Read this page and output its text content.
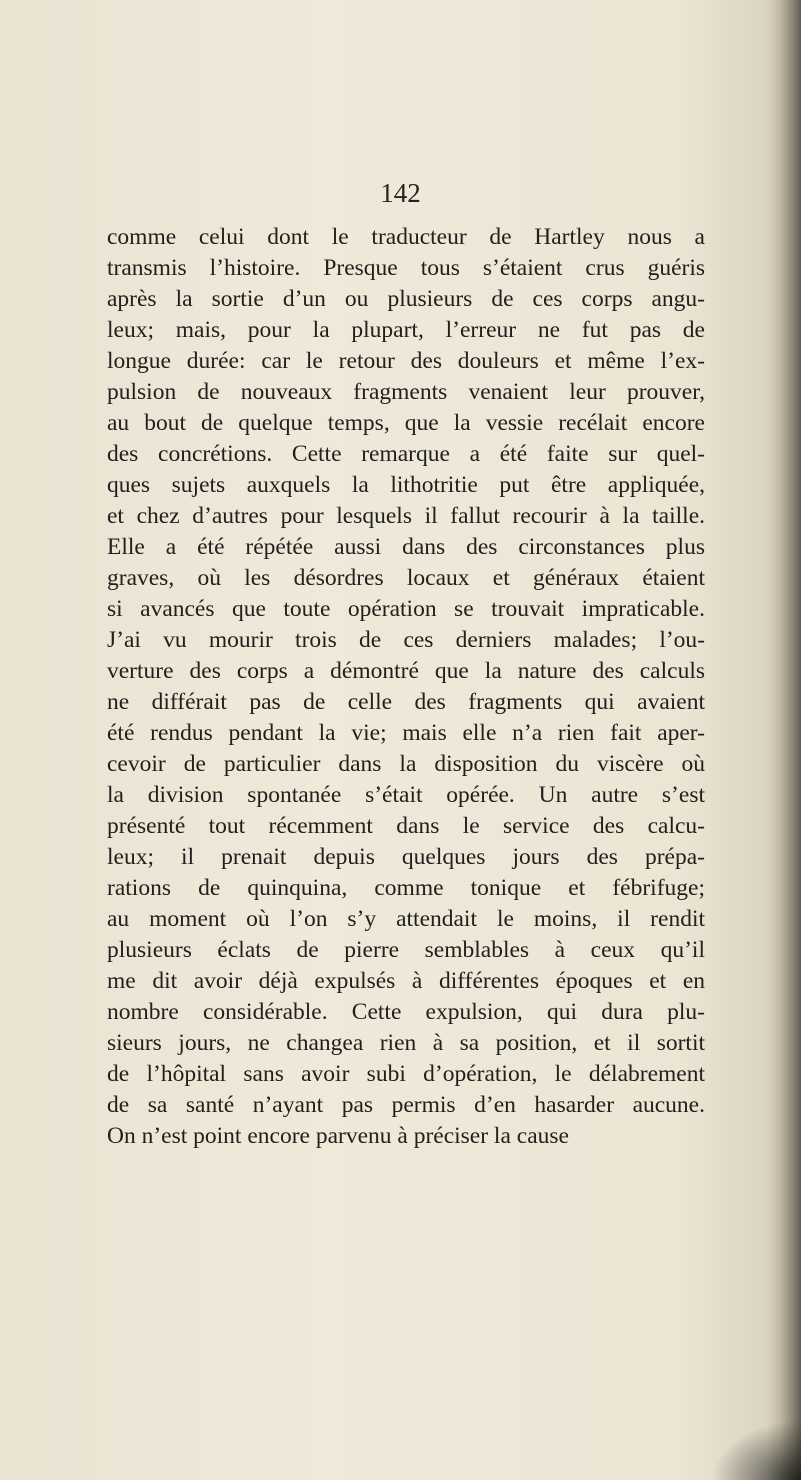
142
comme celui dont le traducteur de Hartley nous a
transmis l’histoire. Presque tous s’étaient crus guéris
après la sortie d’un ou plusieurs de ces corps angu-
leux; mais, pour la plupart, l’erreur ne fut pas de
longue durée: car le retour des douleurs et même l’ex-
pulsion de nouveaux fragments venaient leur prouver,
au bout de quelque temps, que la vessie recélait encore
des concrétions. Cette remarque a été faite sur quel-
ques sujets auxquels la lithotritie put être appliquée,
et chez d’autres pour lesquels il fallut recourir à la taille.
Elle a été répétée aussi dans des circonstances plus
graves, où les désordres locaux et généraux étaient
si avancés que toute opération se trouvait impraticable.
J’ai vu mourir trois de ces derniers malades; l’ou-
verture des corps a démontré que la nature des calculs
ne différait pas de celle des fragments qui avaient
été rendus pendant la vie; mais elle n’a rien fait aper-
cevoir de particulier dans la disposition du viscère où
la division spontanée s’était opérée. Un autre s’est
présenté tout récemment dans le service des calcu-
leux; il prenait depuis quelques jours des prépa-
rations de quinquina, comme tonique et fébrifuge;
au moment où l’on s’y attendait le moins, il rendit
plusieurs éclats de pierre semblables à ceux qu’il
me dit avoir déjà expulsés à différentes époques et en
nombre considérable. Cette expulsion, qui dura plu-
sieurs jours, ne changea rien à sa position, et il sortit
de l’hôpital sans avoir subi d’opération, le délabrement
de sa santé n’ayant pas permis d’en hasarder aucune.
On n’est point encore parvenu à préciser la cause
